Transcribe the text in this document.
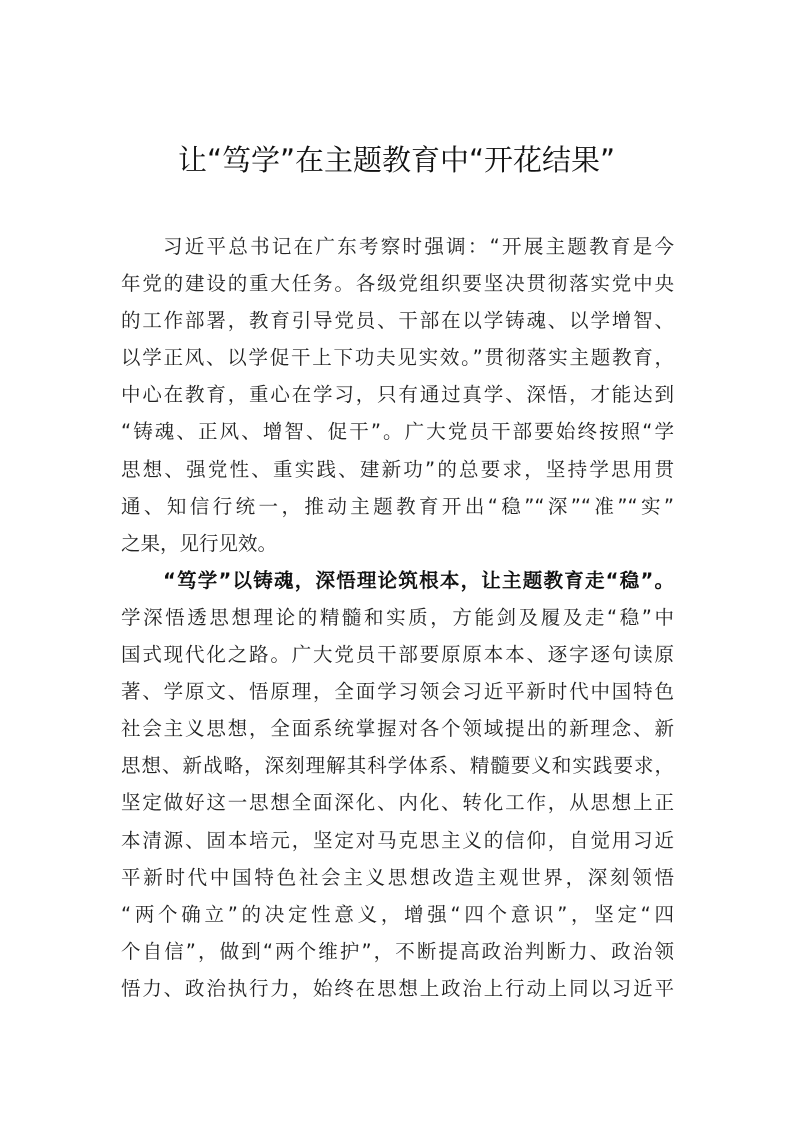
让“笃学”在主题教育中“开花结果”
习近平总书记在广东考察时强调：“开展主题教育是今
年党的建设的重大任务。各级党组织要坚决贯彻落实党中央
的工作部署，教育引导党员、干部在以学铸魂、以学增智、
以学正风、以学促干上下功夫见实效。”贯彻落实主题教育，
中心在教育，重心在学习，只有通过真学、深悟，才能达到
“铸魂、正风、增智、促干”。广大党员干部要始终按照“学
思想、强党性、重实践、建新功”的总要求，坚持学思用贯
通、知信行统一，推动主题教育开出“稳”“深”“准”“实”
之果，见行见效。
“笃学”以铸魂，深悟理论筑根本，让主题教育走“稳”。
学深悟透思想理论的精髓和实质，方能剑及履及走“稳”中
国式现代化之路。广大党员干部要原原本本、逐字逐句读原
著、学原文、悟原理，全面学习领会习近平新时代中国特色
社会主义思想，全面系统掌握对各个领域提出的新理念、新
思想、新战略，深刻理解其科学体系、精髓要义和实践要求，
坚定做好这一思想全面深化、内化、转化工作，从思想上正
本清源、固本培元，坚定对马克思主义的信仰，自觉用习近
平新时代中国特色社会主义思想改造主观世界，深刻领悟
“两个确立”的决定性意义，增强“四个意识”，坚定“四
个自信”，做到“两个维护”，不断提高政治判断力、政治领
悟力、政治执行力，始终在思想上政治上行动上同以习近平
